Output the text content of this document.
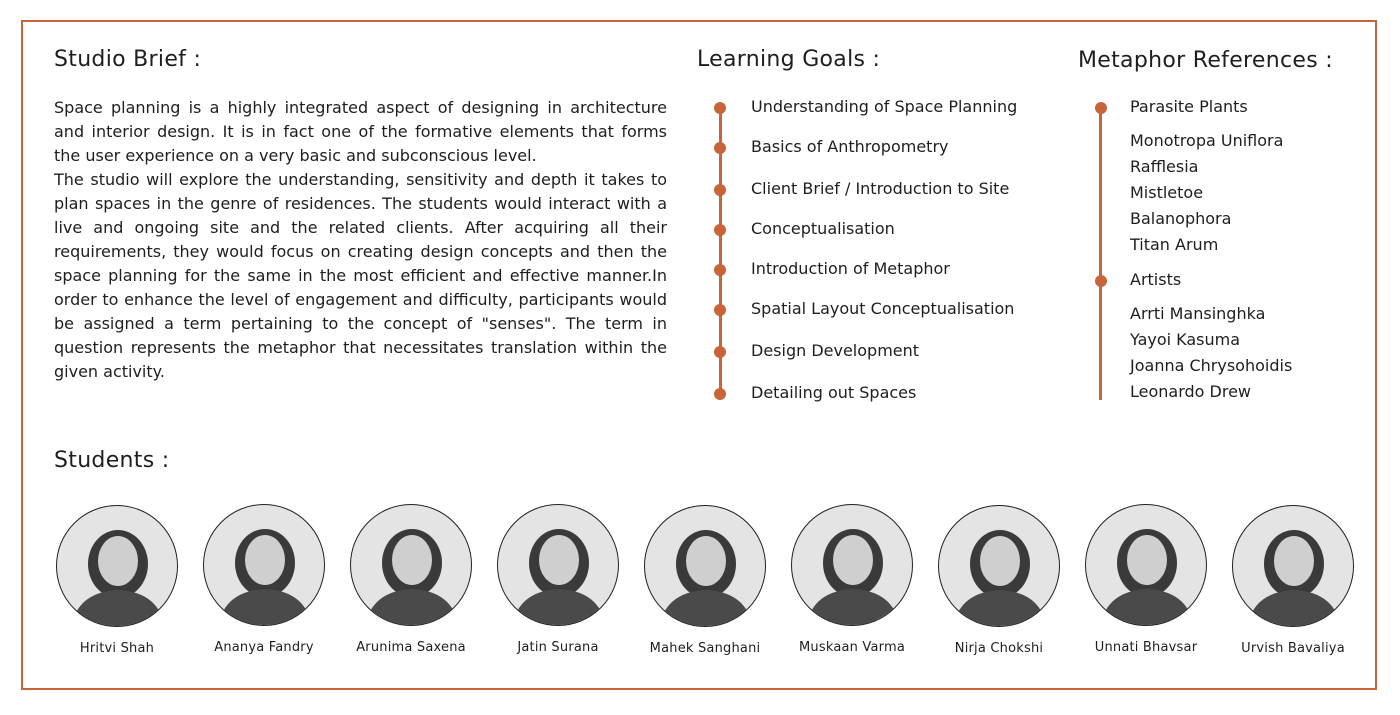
Studio Brief :

Space planning is a highly integrated aspect of designing in architecture and interior design. It is in fact one of the formative elements that forms the user experience on a very basic and subconscious level.

The studio will explore the understanding, sensitivity and depth it takes to plan spaces in the genre of residences. The students would interact with a live and ongoing site and the related clients. After acquiring all their requirements, they would focus on creating design concepts and then the space planning for the same in the most efficient and effective manner.In order to enhance the level of engagement and difficulty, participants would be assigned a term pertaining to the concept of "senses". The term in question represents the metaphor that necessitates translation within the given activity.

Learning Goals :
Understanding of Space Planning
Basics of Anthropometry
Client Brief / Introduction to Site
Conceptualisation
Introduction of Metaphor
Spatial Layout Conceptualisation
Design Development
Detailing out Spaces
Metaphor References :
Parasite Plants
Monotropa Uniflora
Rafflesia
Mistletoe
Balanophora
Titan Arum
Artists
Arrti Mansinghka
Yayoi Kasuma
Joanna Chrysohoidis
Leonardo Drew
Students :
Hritvi Shah	Ananya Fandry	Arunima Saxena	Jatin Surana	Mahek Sanghani	Muskaan Varma	Nirja Chokshi	Unnati Bhavsar	Urvish Bavaliya
